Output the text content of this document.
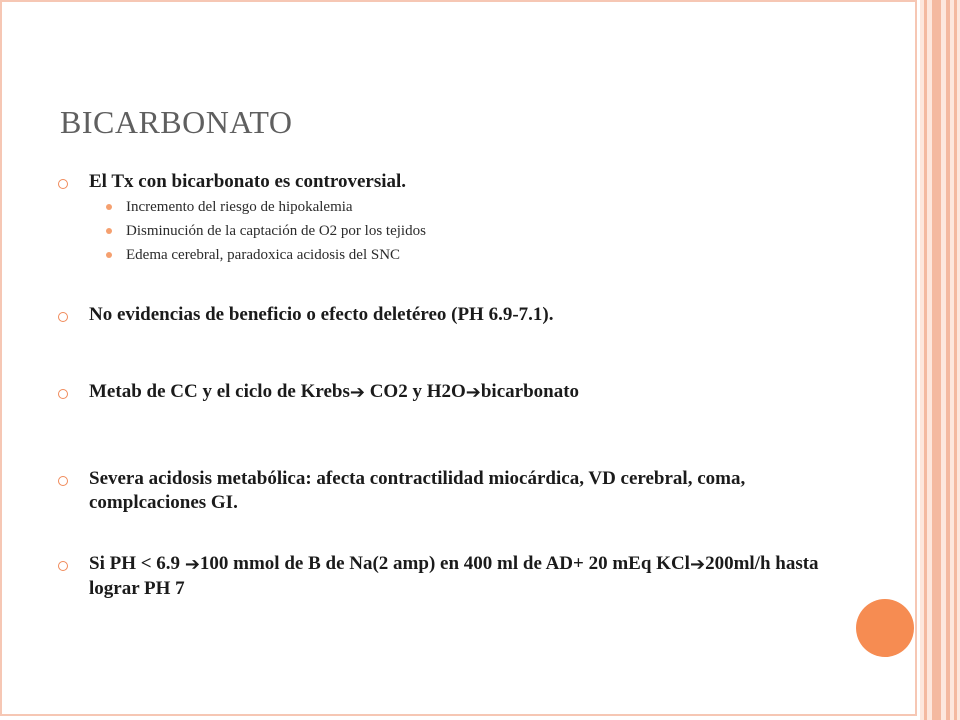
BICARBONATO
El Tx con bicarbonato es controversial.
Incremento del riesgo de hipokalemia
Disminución de la captación de O2 por los tejidos
Edema cerebral, paradoxica acidosis del SNC
No evidencias de beneficio o efecto deletéreo (PH 6.9-7.1).
Metab de CC y el ciclo de Krebs➔ CO2 y H2O➔bicarbonato
Severa acidosis metabólica: afecta contractilidad miocárdica, VD cerebral, coma, complcaciones GI.
Si PH < 6.9 ➔100 mmol de B de Na(2 amp) en 400 ml de AD+ 20 mEq KCl➔200ml/h hasta lograr PH 7
